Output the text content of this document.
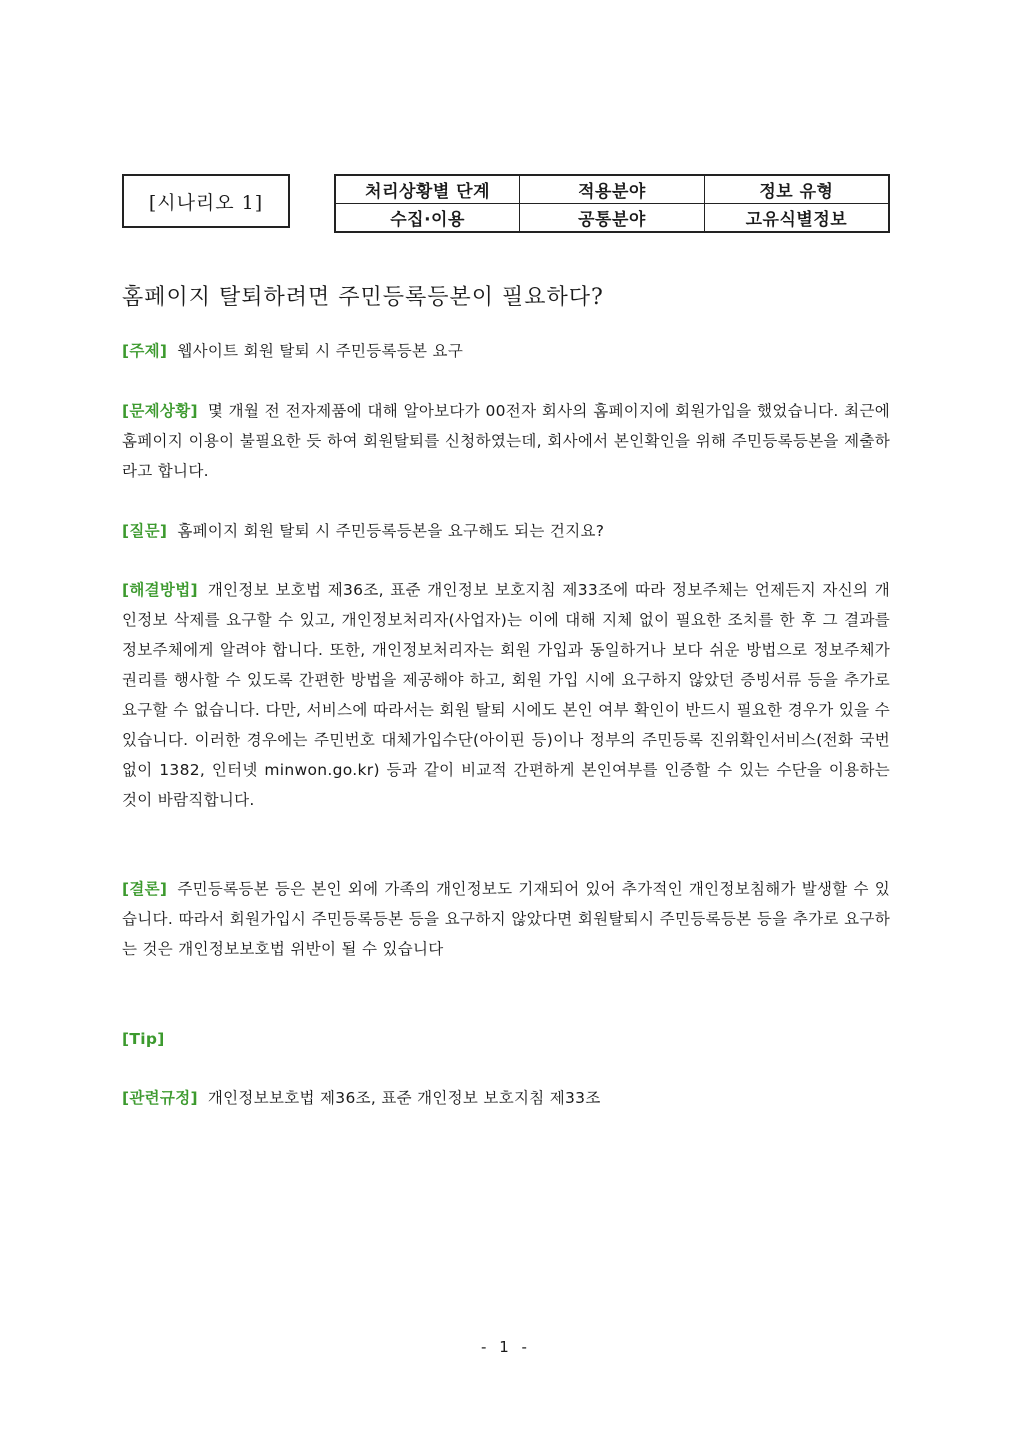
[시나리오 1]	처리상황별 단계	적용분야	정보 유형
수집·이용	공통분야	고유식별정보
홈페이지 탈퇴하려면 주민등록등본이 필요하다?

[주제] 웹사이트 회원 탈퇴 시 주민등록등본 요구

[문제상황] 몇 개월 전 전자제품에 대해 알아보다가 00전자 회사의 홈페이지에 회원가입을 했었습니다. 최근에 홈페이지 이용이 불필요한 듯 하여 회원탈퇴를 신청하였는데, 회사에서 본인확인을 위해 주민등록등본을 제출하라고 합니다.

[질문] 홈페이지 회원 탈퇴 시 주민등록등본을 요구해도 되는 건지요?

[해결방법] 개인정보 보호법 제36조, 표준 개인정보 보호지침 제33조에 따라 정보주체는 언제든지 자신의 개인정보 삭제를 요구할 수 있고, 개인정보처리자(사업자)는 이에 대해 지체 없이 필요한 조치를 한 후 그 결과를 정보주체에게 알려야 합니다. 또한, 개인정보처리자는 회원 가입과 동일하거나 보다 쉬운 방법으로 정보주체가 권리를 행사할 수 있도록 간편한 방법을 제공해야 하고, 회원 가입 시에 요구하지 않았던 증빙서류 등을 추가로 요구할 수 없습니다. 다만, 서비스에 따라서는 회원 탈퇴 시에도 본인 여부 확인이 반드시 필요한 경우가 있을 수 있습니다. 이러한 경우에는 주민번호 대체가입수단(아이핀 등)이나 정부의 주민등록 진위확인서비스(전화 국번 없이 1382, 인터넷 minwon.go.kr) 등과 같이 비교적 간편하게 본인여부를 인증할 수 있는 수단을 이용하는 것이 바람직합니다.

[결론] 주민등록등본 등은 본인 외에 가족의 개인정보도 기재되어 있어 추가적인 개인정보침해가 발생할 수 있습니다. 따라서 회원가입시 주민등록등본 등을 요구하지 않았다면 회원탈퇴시 주민등록등본 등을 추가로 요구하는 것은 개인정보보호법 위반이 될 수 있습니다

[Tip]

[관련규정] 개인정보보호법 제36조, 표준 개인정보 보호지침 제33조

- 1 -
